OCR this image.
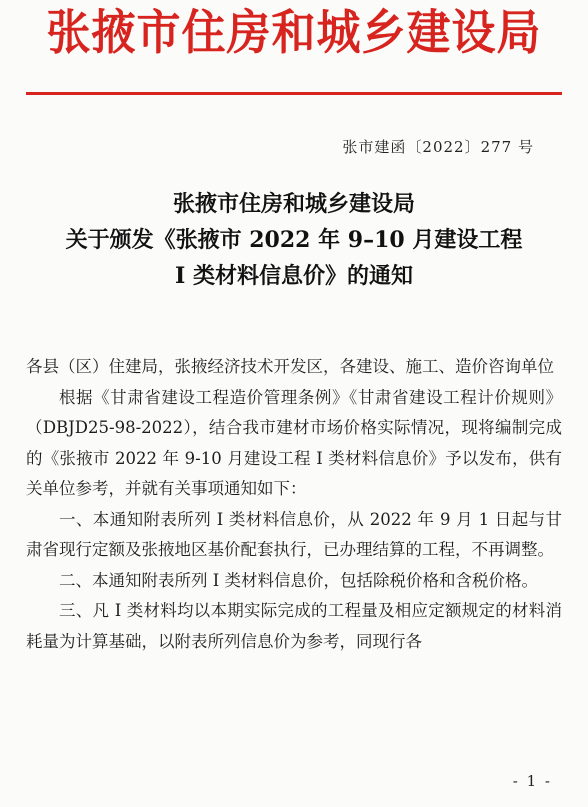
张掖市住房和城乡建设局
张市建函〔2022〕277 号
张掖市住房和城乡建设局
关于颁发《张掖市 2022 年 9–10 月建设工程
I 类材料信息价》的通知

各县（区）住建局，张掖经济技术开发区，各建设、施工、造价咨询单位

根据《甘肃省建设工程造价管理条例》《甘肃省建设工程计价规则》（DBJD25-98-2022），结合我市建材市场价格实际情况，现将编制完成的《张掖市 2022 年 9-10 月建设工程 I 类材料信息价》予以发布，供有关单位参考，并就有关事项通知如下：

一、本通知附表所列 I 类材料信息价，从 2022 年 9 月 1 日起与甘肃省现行定额及张掖地区基价配套执行，已办理结算的工程，不再调整。

二、本通知附表所列 I 类材料信息价，包括除税价格和含税价格。

三、凡 I 类材料均以本期实际完成的工程量及相应定额规定的材料消耗量为计算基础，以附表所列信息价为参考，同现行各

- 1 -
